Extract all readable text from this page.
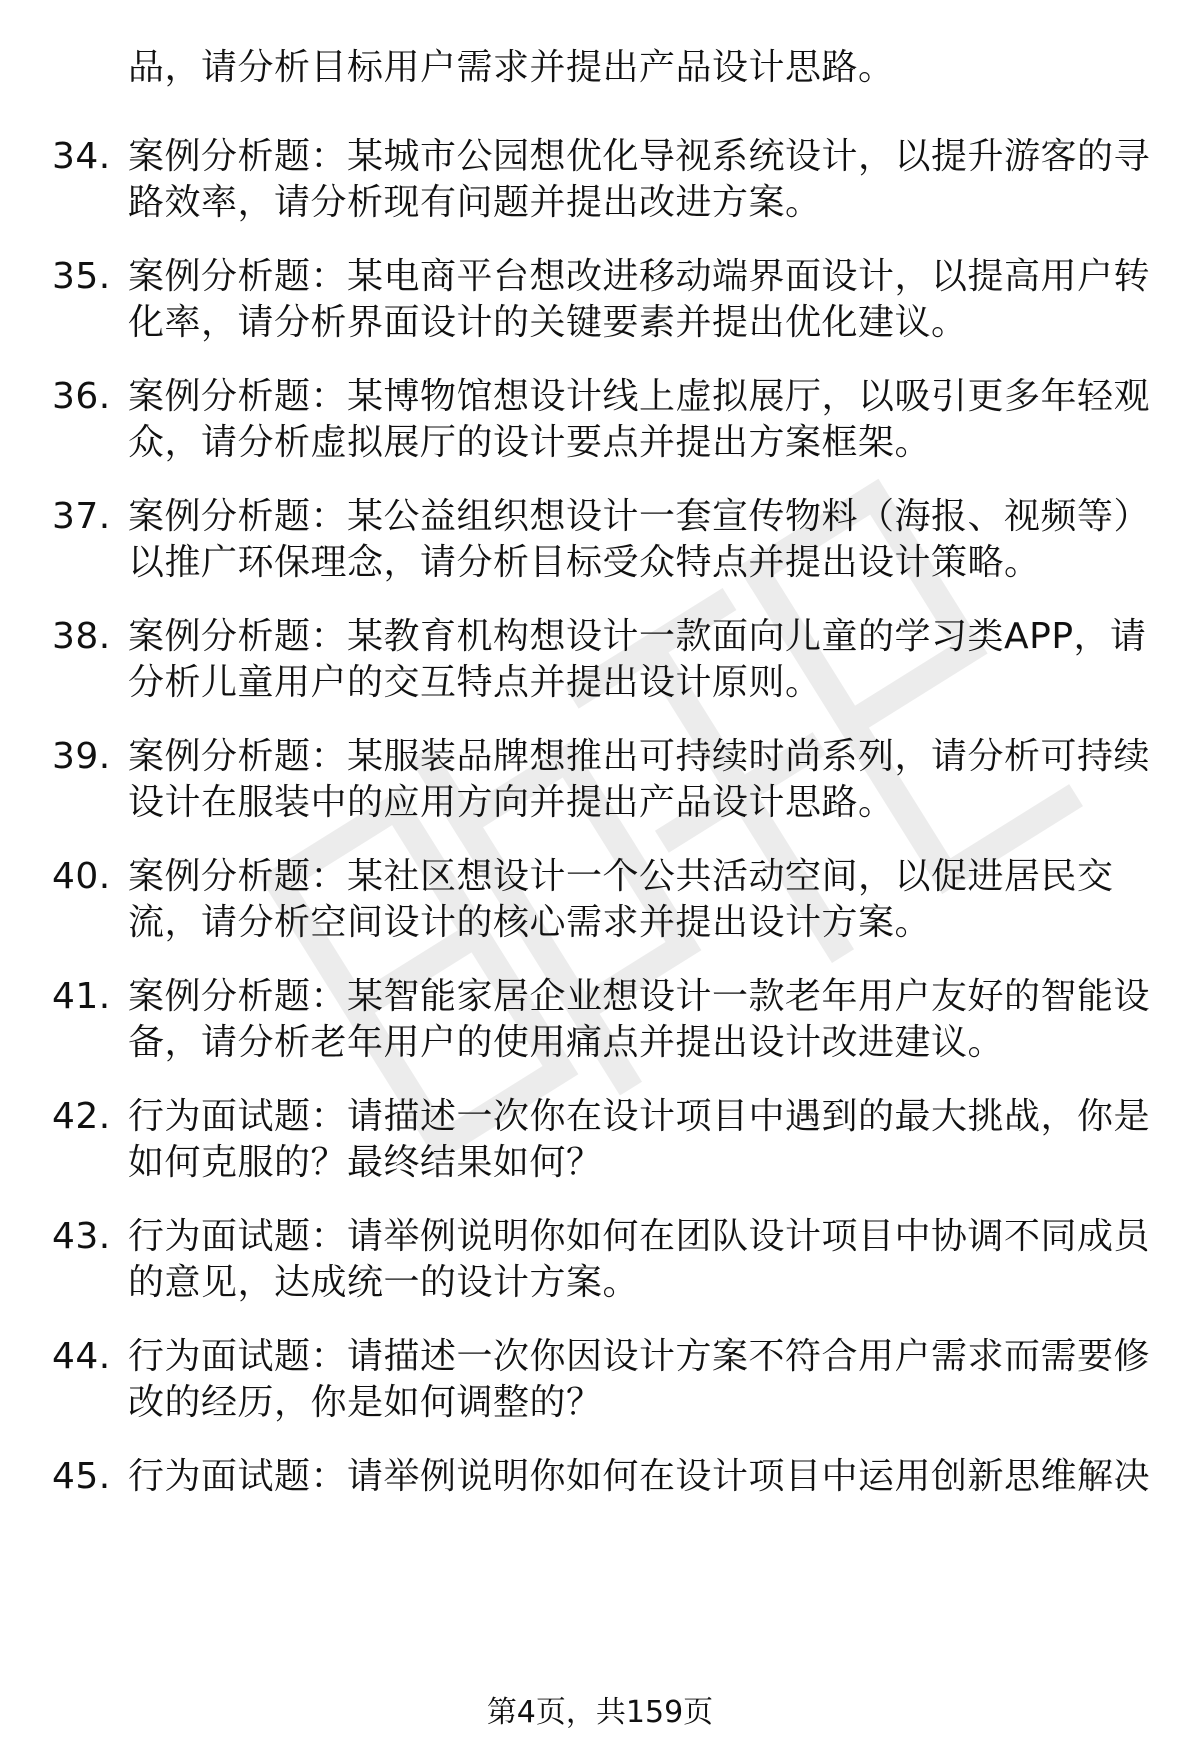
品，请分析目标用户需求并提出产品设计思路。
34. 案例分析题：某城市公园想优化导视系统设计，以提升游客的寻
路效率，请分析现有问题并提出改进方案。
35. 案例分析题：某电商平台想改进移动端界面设计，以提高用户转
化率，请分析界面设计的关键要素并提出优化建议。
36. 案例分析题：某博物馆想设计线上虚拟展厅，以吸引更多年轻观
众，请分析虚拟展厅的设计要点并提出方案框架。
37. 案例分析题：某公益组织想设计一套宣传物料（海报、视频等）
以推广环保理念，请分析目标受众特点并提出设计策略。
38. 案例分析题：某教育机构想设计一款面向儿童的学习类APP，请
分析儿童用户的交互特点并提出设计原则。
39. 案例分析题：某服装品牌想推出可持续时尚系列，请分析可持续
设计在服装中的应用方向并提出产品设计思路。
40. 案例分析题：某社区想设计一个公共活动空间，以促进居民交
流，请分析空间设计的核心需求并提出设计方案。
41. 案例分析题：某智能家居企业想设计一款老年用户友好的智能设
备，请分析老年用户的使用痛点并提出设计改进建议。
42. 行为面试题：请描述一次你在设计项目中遇到的最大挑战，你是
如何克服的？最终结果如何？
43. 行为面试题：请举例说明你如何在团队设计项目中协调不同成员
的意见，达成统一的设计方案。
44. 行为面试题：请描述一次你因设计方案不符合用户需求而需要修
改的经历，你是如何调整的？
45. 行为面试题：请举例说明你如何在设计项目中运用创新思维解决
第4页，共159页
